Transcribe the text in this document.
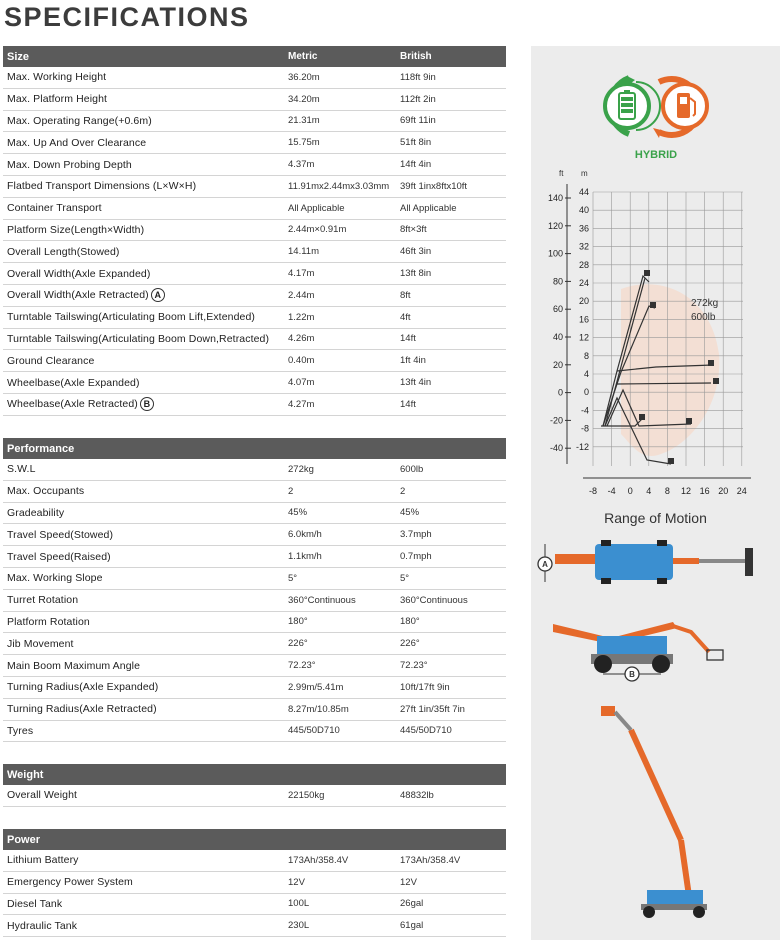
SPECIFICATIONS
Size	Metric	British
Max. Working Height	36.20m	118ft 9in
Max. Platform Height	34.20m	112ft 2in
Max. Operating Range(+0.6m)	21.31m	69ft 11in
Max. Up And Over Clearance	15.75m	51ft 8in
Max. Down Probing Depth	4.37m	14ft 4in
Flatbed Transport Dimensions (L×W×H)	11.91mx2.44mx3.03mm	39ft 1inx8ftx10ft
Container Transport	All Applicable	All Applicable
Platform Size(Length×Width)	2.44m×0.91m	8ft×3ft
Overall Length(Stowed)	14.11m	46ft 3in
Overall Width(Axle Expanded)	4.17m	13ft 8in
Overall Width(Axle Retracted) A	2.44m	8ft
Turntable Tailswing(Articulating Boom Lift,Extended)	1.22m	4ft
Turntable Tailswing(Articulating Boom Down,Retracted)	4.26m	14ft
Ground Clearance	0.40m	1ft 4in
Wheelbase(Axle Expanded)	4.07m	13ft 4in
Wheelbase(Axle Retracted) B	4.27m	14ft
Performance
S.W.L	272kg	600lb
Max. Occupants	2	2
Gradeability	45%	45%
Travel Speed(Stowed)	6.0km/h	3.7mph
Travel Speed(Raised)	1.1km/h	0.7mph
Max. Working Slope	5°	5°
Turret Rotation	360°Continuous	360°Continuous
Platform Rotation	180°	180°
Jib Movement	226°	226°
Main Boom Maximum Angle	72.23°	72.23°
Turning Radius(Axle Expanded)	2.99m/5.41m	10ft/17ft 9in
Turning Radius(Axle Retracted)	8.27m/10.85m	27ft 1in/35ft 7in
Tyres	445/50D710	445/50D710
Weight
Overall Weight	22150kg	48832lb
Power
Lithium Battery	173Ah/358.4V	173Ah/358.4V
Emergency Power System	12V	12V
Diesel Tank	100L	26gal
Hydraulic Tank	230L	61gal
HYBRID
44
40
36
32
28
24
20
16
12
8
4
0
-4
-8
-12
-8 -4 0 4 8 12 16 20 24
140
120
100
80
60
40
20
0
-20
-40
272kg
600lb
ft m
Range of Motion
A
B
